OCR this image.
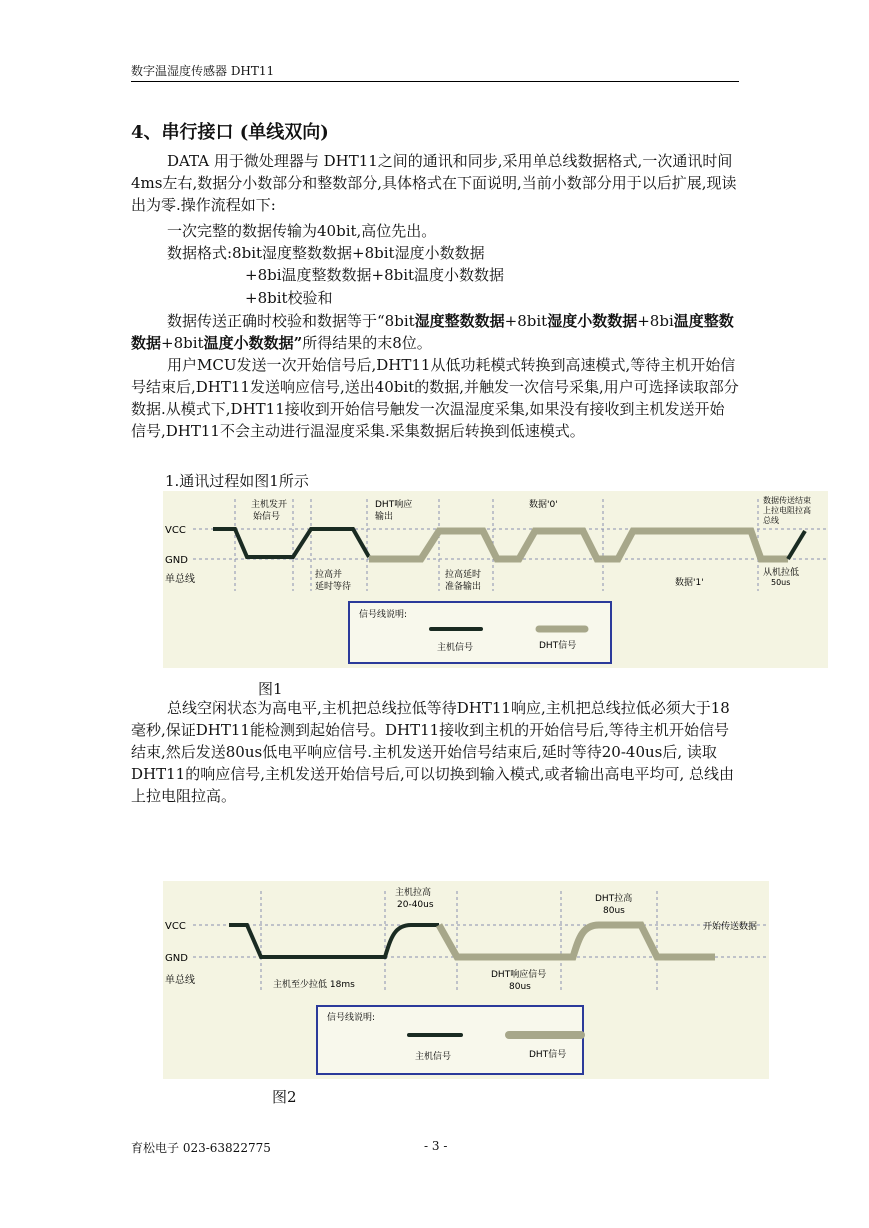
数字温湿度传感器 DHT11
4、串行接口 (单线双向)

DATA 用于微处理器与 DHT11之间的通讯和同步,采用单总线数据格式,一次通讯时间4ms左右,数据分小数部分和整数部分,具体格式在下面说明,当前小数部分用于以后扩展,现读出为零.操作流程如下:

一次完整的数据传输为40bit,高位先出。
数据格式:8bit湿度整数数据+8bit湿度小数数据
+8bi温度整数数据+8bit温度小数数据
+8bit校验和

数据传送正确时校验和数据等于“8bit湿度整数数据+8bit湿度小数数据+8bi温度整数数据+8bit温度小数数据”所得结果的末8位。

用户MCU发送一次开始信号后,DHT11从低功耗模式转换到高速模式,等待主机开始信号结束后,DHT11发送响应信号,送出40bit的数据,并触发一次信号采集,用户可选择读取部分数据.从模式下,DHT11接收到开始信号触发一次温湿度采集,如果没有接收到主机发送开始信号,DHT11不会主动进行温湿度采集.采集数据后转换到低速模式。

1.通讯过程如图1所示
VCC
GND
单总线
主机发开
始信号
DHT响应
输出
数据'0'	数据传送结束
上拉电阻拉高
总线
拉高并
延时等待
拉高延时
准备输出	数据'1'
从机拉低
50us
信号线说明:
主机信号	DHT信号
图1

总线空闲状态为高电平,主机把总线拉低等待DHT11响应,主机把总线拉低必须大于18毫秒,保证DHT11能检测到起始信号。DHT11接收到主机的开始信号后,等待主机开始信号结束,然后发送80us低电平响应信号.主机发送开始信号结束后,延时等待20-40us后, 读取DHT11的响应信号,主机发送开始信号后,可以切换到输入模式,或者输出高电平均可, 总线由上拉电阻拉高。

VCC
GND
单总线
主机拉高
20-40us
DHT拉高
80us
开始传送数据
主机至少拉低 18ms
DHT响应信号
80us
信号线说明:
主机信号	DHT信号
图2
育松电子 023-63822775	- 3 -
